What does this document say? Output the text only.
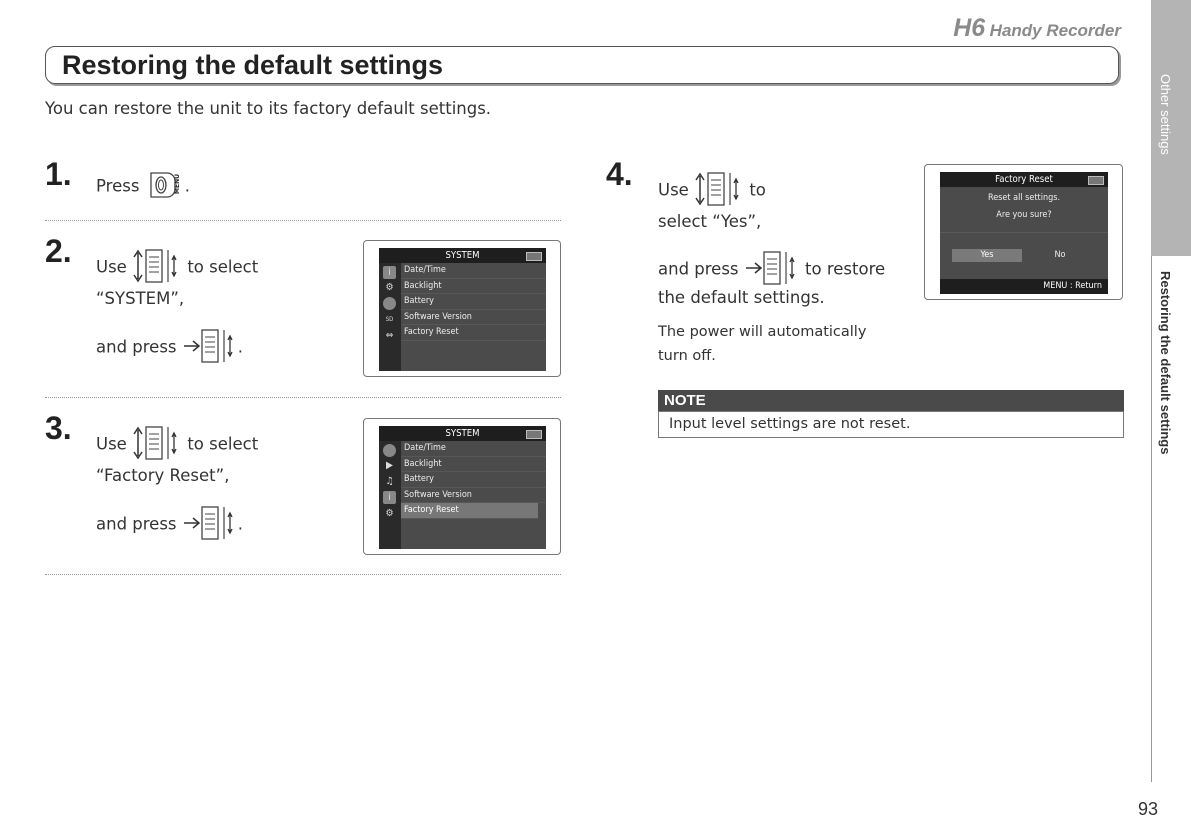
H6 Handy Recorder
Restoring the default settings
You can restore the unit to its factory default settings.
1. Press	MENU .
2. Use	to select
“SYSTEM”,
and press	.
SYSTEM
i
⚙
SD
⇔
Date/Time
Backlight
Battery
Software Version
Factory Reset
3. Use	to select
“Factory Reset”,
and press	.
SYSTEM
▶
♫
i
⚙
Date/Time
Backlight
Battery
Software Version
Factory Reset
4. Use	to
select “Yes”,
and press	to restore
the default settings.
The power will automatically
turn off.
Factory Reset
Reset all settings.
Are you sure?
Yes	No
MENU : Return
NOTE
Input level settings are not reset.
Other settings
Restoring the default settings
93
